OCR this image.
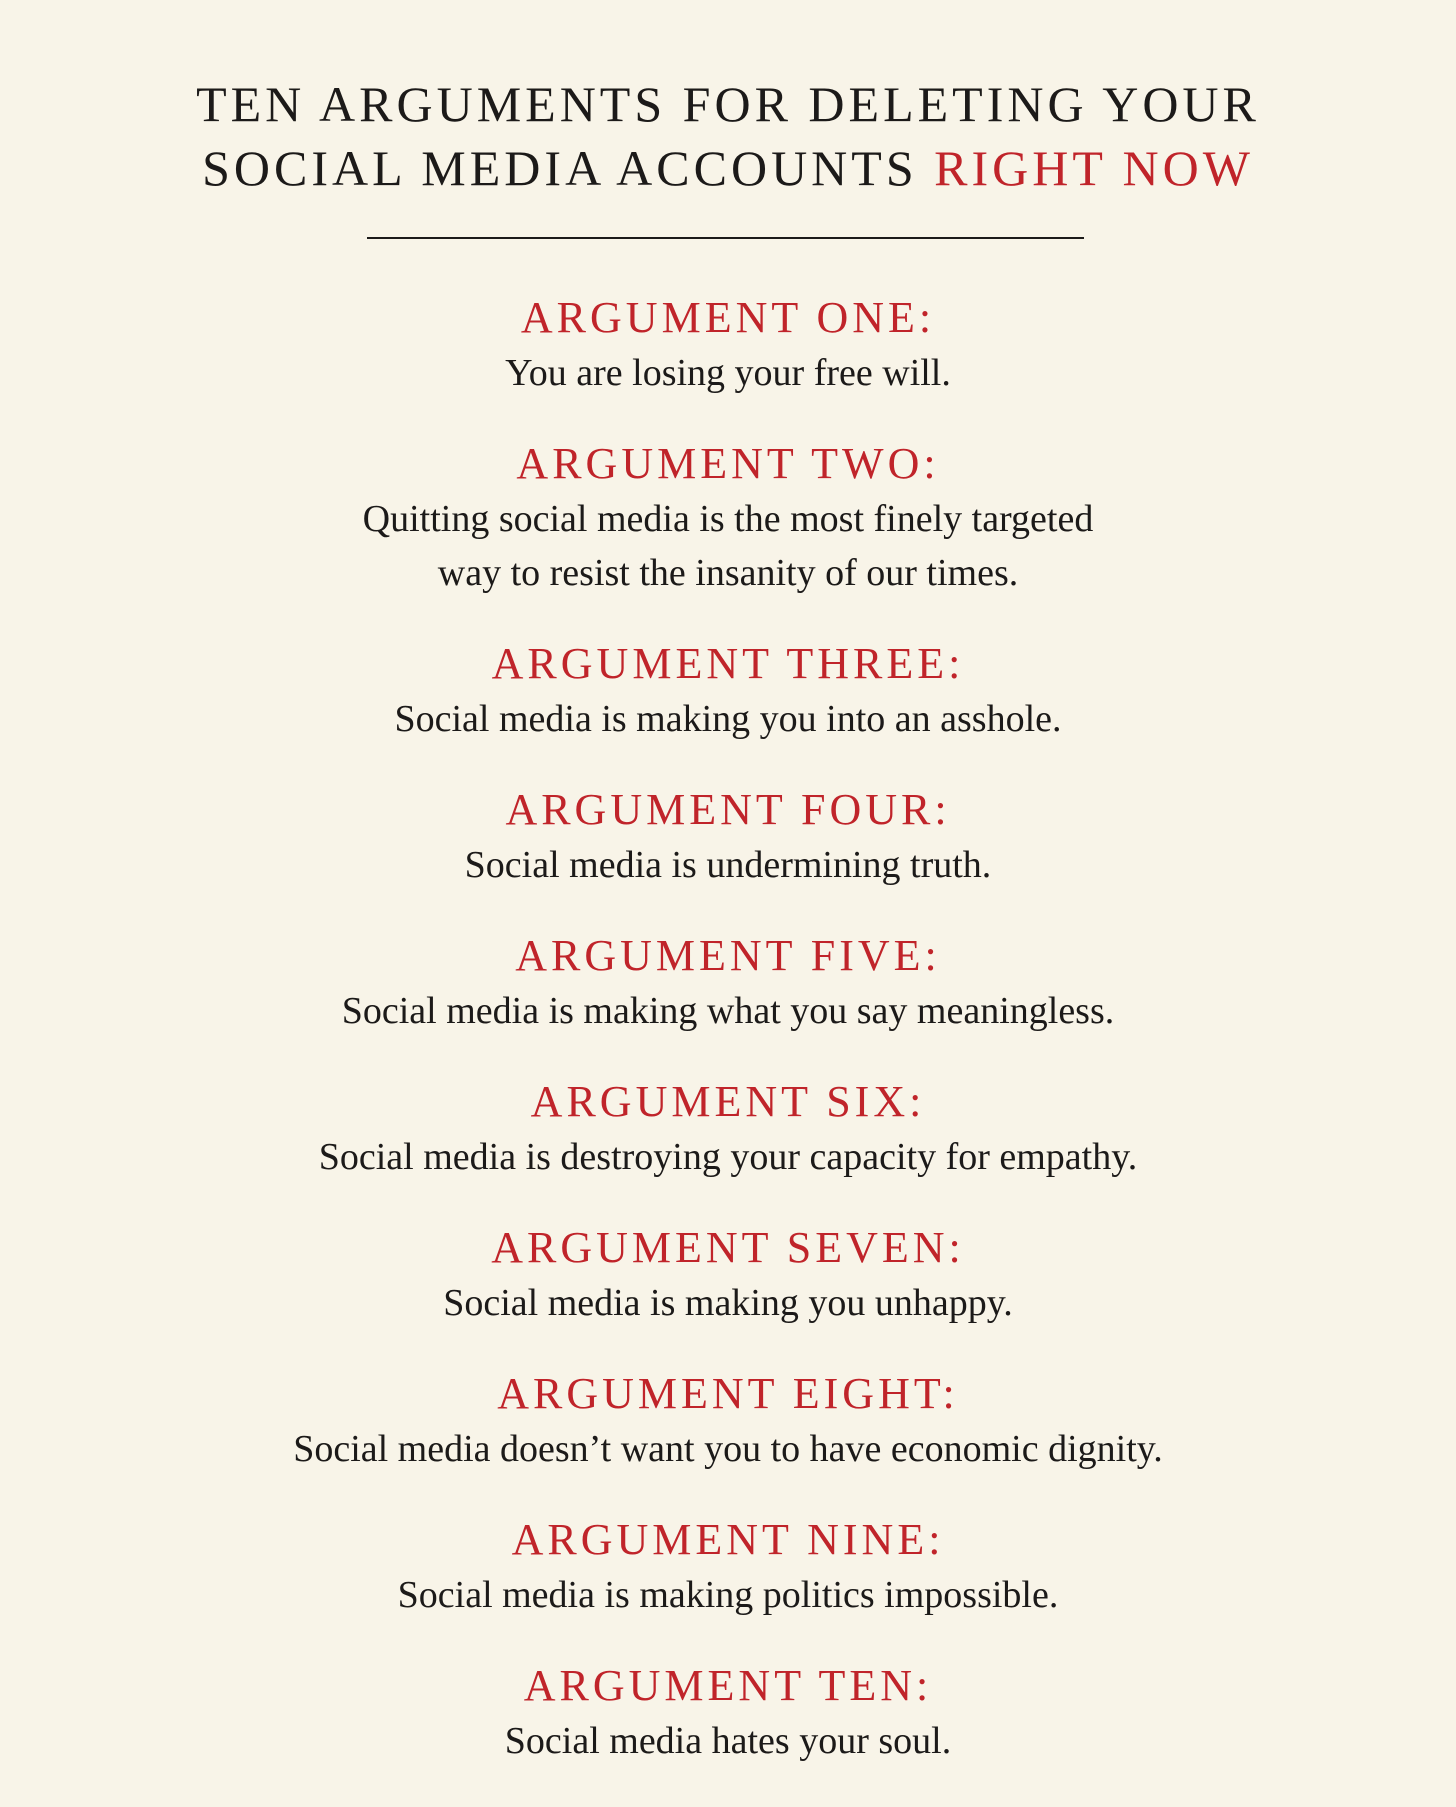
TEN ARGUMENTS FOR DELETING YOUR
SOCIAL MEDIA ACCOUNTS RIGHT NOW
ARGUMENT ONE:
You are losing your free will.
ARGUMENT TWO:
Quitting social media is the most finely targeted
way to resist the insanity of our times.
ARGUMENT THREE:
Social media is making you into an asshole.
ARGUMENT FOUR:
Social media is undermining truth.
ARGUMENT FIVE:
Social media is making what you say meaningless.
ARGUMENT SIX:
Social media is destroying your capacity for empathy.
ARGUMENT SEVEN:
Social media is making you unhappy.
ARGUMENT EIGHT:
Social media doesn’t want you to have economic dignity.
ARGUMENT NINE:
Social media is making politics impossible.
ARGUMENT TEN:
Social media hates your soul.
